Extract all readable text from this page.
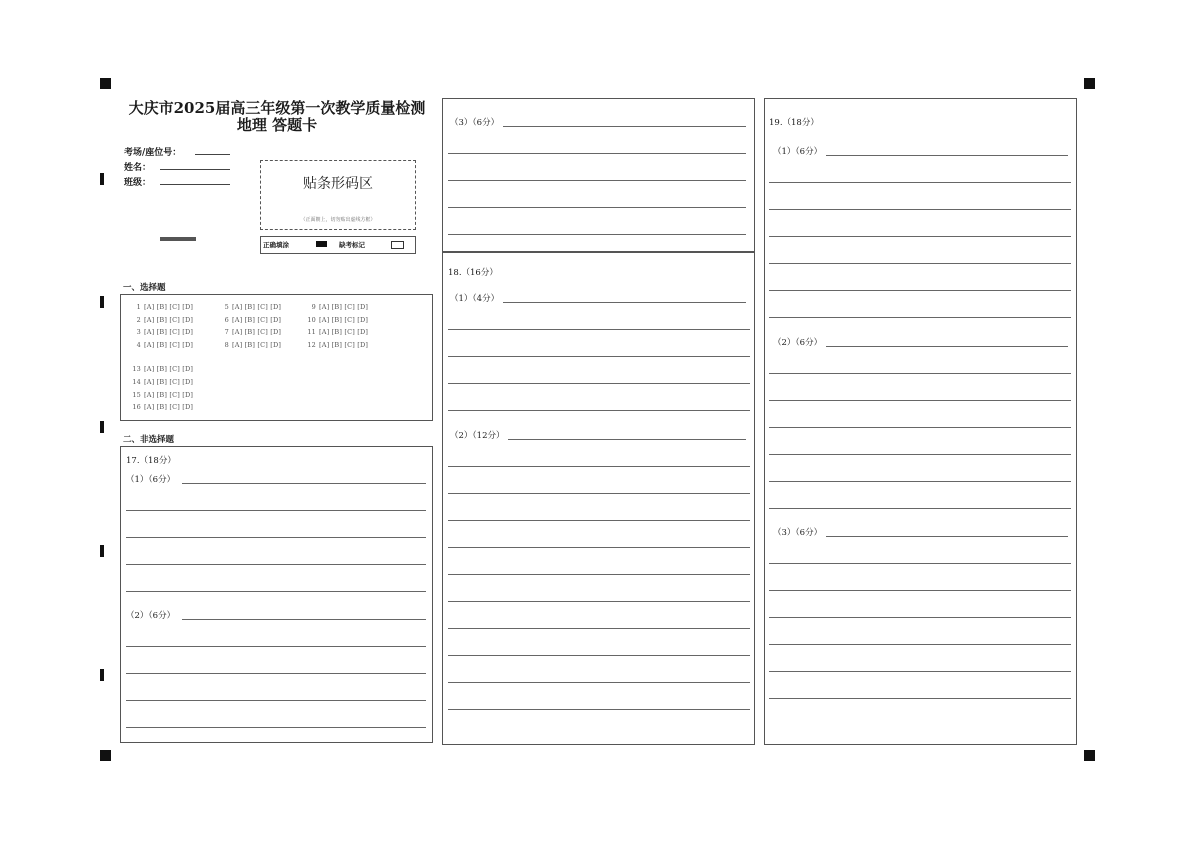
大庆市2025届高三年级第一次教学质量检测
地理 答题卡
考场/座位号：
姓名：
班级：	贴条形码区
（正面朝上，切勿贴出虚线方框）
正确填涂	缺考标记
一、选择题
1 [A] [B] [C] [D]
2 [A] [B] [C] [D]
3 [A] [B] [C] [D]
4 [A] [B] [C] [D]
5 [A] [B] [C] [D]
6 [A] [B] [C] [D]
7 [A] [B] [C] [D]
8 [A] [B] [C] [D]
9 [A] [B] [C] [D]
10 [A] [B] [C] [D]
11 [A] [B] [C] [D]
12 [A] [B] [C] [D]
13 [A] [B] [C] [D]
14 [A] [B] [C] [D]
15 [A] [B] [C] [D]
16 [A] [B] [C] [D]
二、非选择题
17.（18分）
（1）（6分）
（2）（6分）
（3）（6分）
18.（16分）
（1）（4分）
（2）（12分）
19.（18分）
（1）（6分）
（2）（6分）
（3）（6分）
